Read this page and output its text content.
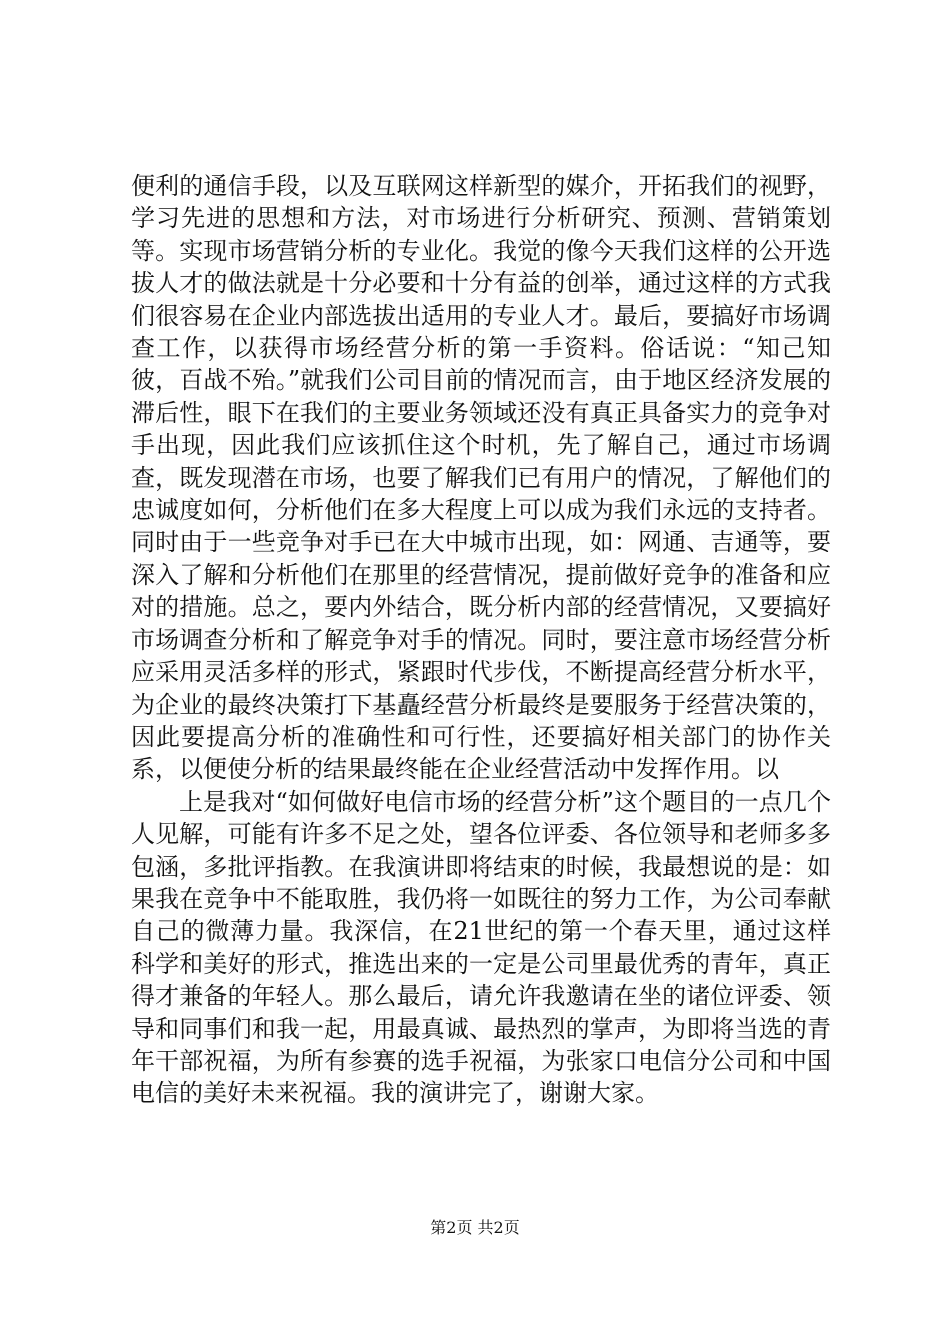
便利的通信手段，以及互联网这样新型的媒介，开拓我们的视野，学习先进的思想和方法，对市场进行分析研究、预测、营销策划等。实现市场营销分析的专业化。我觉的像今天我们这样的公开选拔人才的做法就是十分必要和十分有益的创举，通过这样的方式我们很容易在企业内部选拔出适用的专业人才。最后，要搞好市场调查工作，以获得市场经营分析的第一手资料。俗话说：“知己知彼，百战不殆。”就我们公司目前的情况而言，由于地区经济发展的滞后性，眼下在我们的主要业务领域还没有真正具备实力的竞争对手出现，因此我们应该抓住这个时机，先了解自己，通过市场调查，既发现潜在市场，也要了解我们已有用户的情况，了解他们的忠诚度如何，分析他们在多大程度上可以成为我们永远的支持者。同时由于一些竞争对手已在大中城市出现，如：网通、吉通等，要深入了解和分析他们在那里的经营情况，提前做好竞争的准备和应对的措施。总之，要内外结合，既分析内部的经营情况，又要搞好市场调查分析和了解竞争对手的情况。同时，要注意市场经营分析应采用灵活多样的形式，紧跟时代步伐，不断提高经营分析水平，为企业的最终决策打下基矗经营分析最终是要服务于经营决策的，因此要提高分析的准确性和可行性，还要搞好相关部门的协作关系，以便使分析的结果最终能在企业经营活动中发挥作用。以

上是我对“如何做好电信市场的经营分析”这个题目的一点几个人见解，可能有许多不足之处，望各位评委、各位领导和老师多多包涵，多批评指教。在我演讲即将结束的时候，我最想说的是：如果我在竞争中不能取胜，我仍将一如既往的努力工作，为公司奉献自己的微薄力量。我深信，在21世纪的第一个春天里，通过这样科学和美好的形式，推选出来的一定是公司里最优秀的青年，真正得才兼备的年轻人。那么最后，请允许我邀请在坐的诸位评委、领导和同事们和我一起，用最真诚、最热烈的掌声，为即将当选的青年干部祝福，为所有参赛的选手祝福，为张家口电信分公司和中国电信的美好未来祝福。我的演讲完了，谢谢大家。

第2页 共2页
